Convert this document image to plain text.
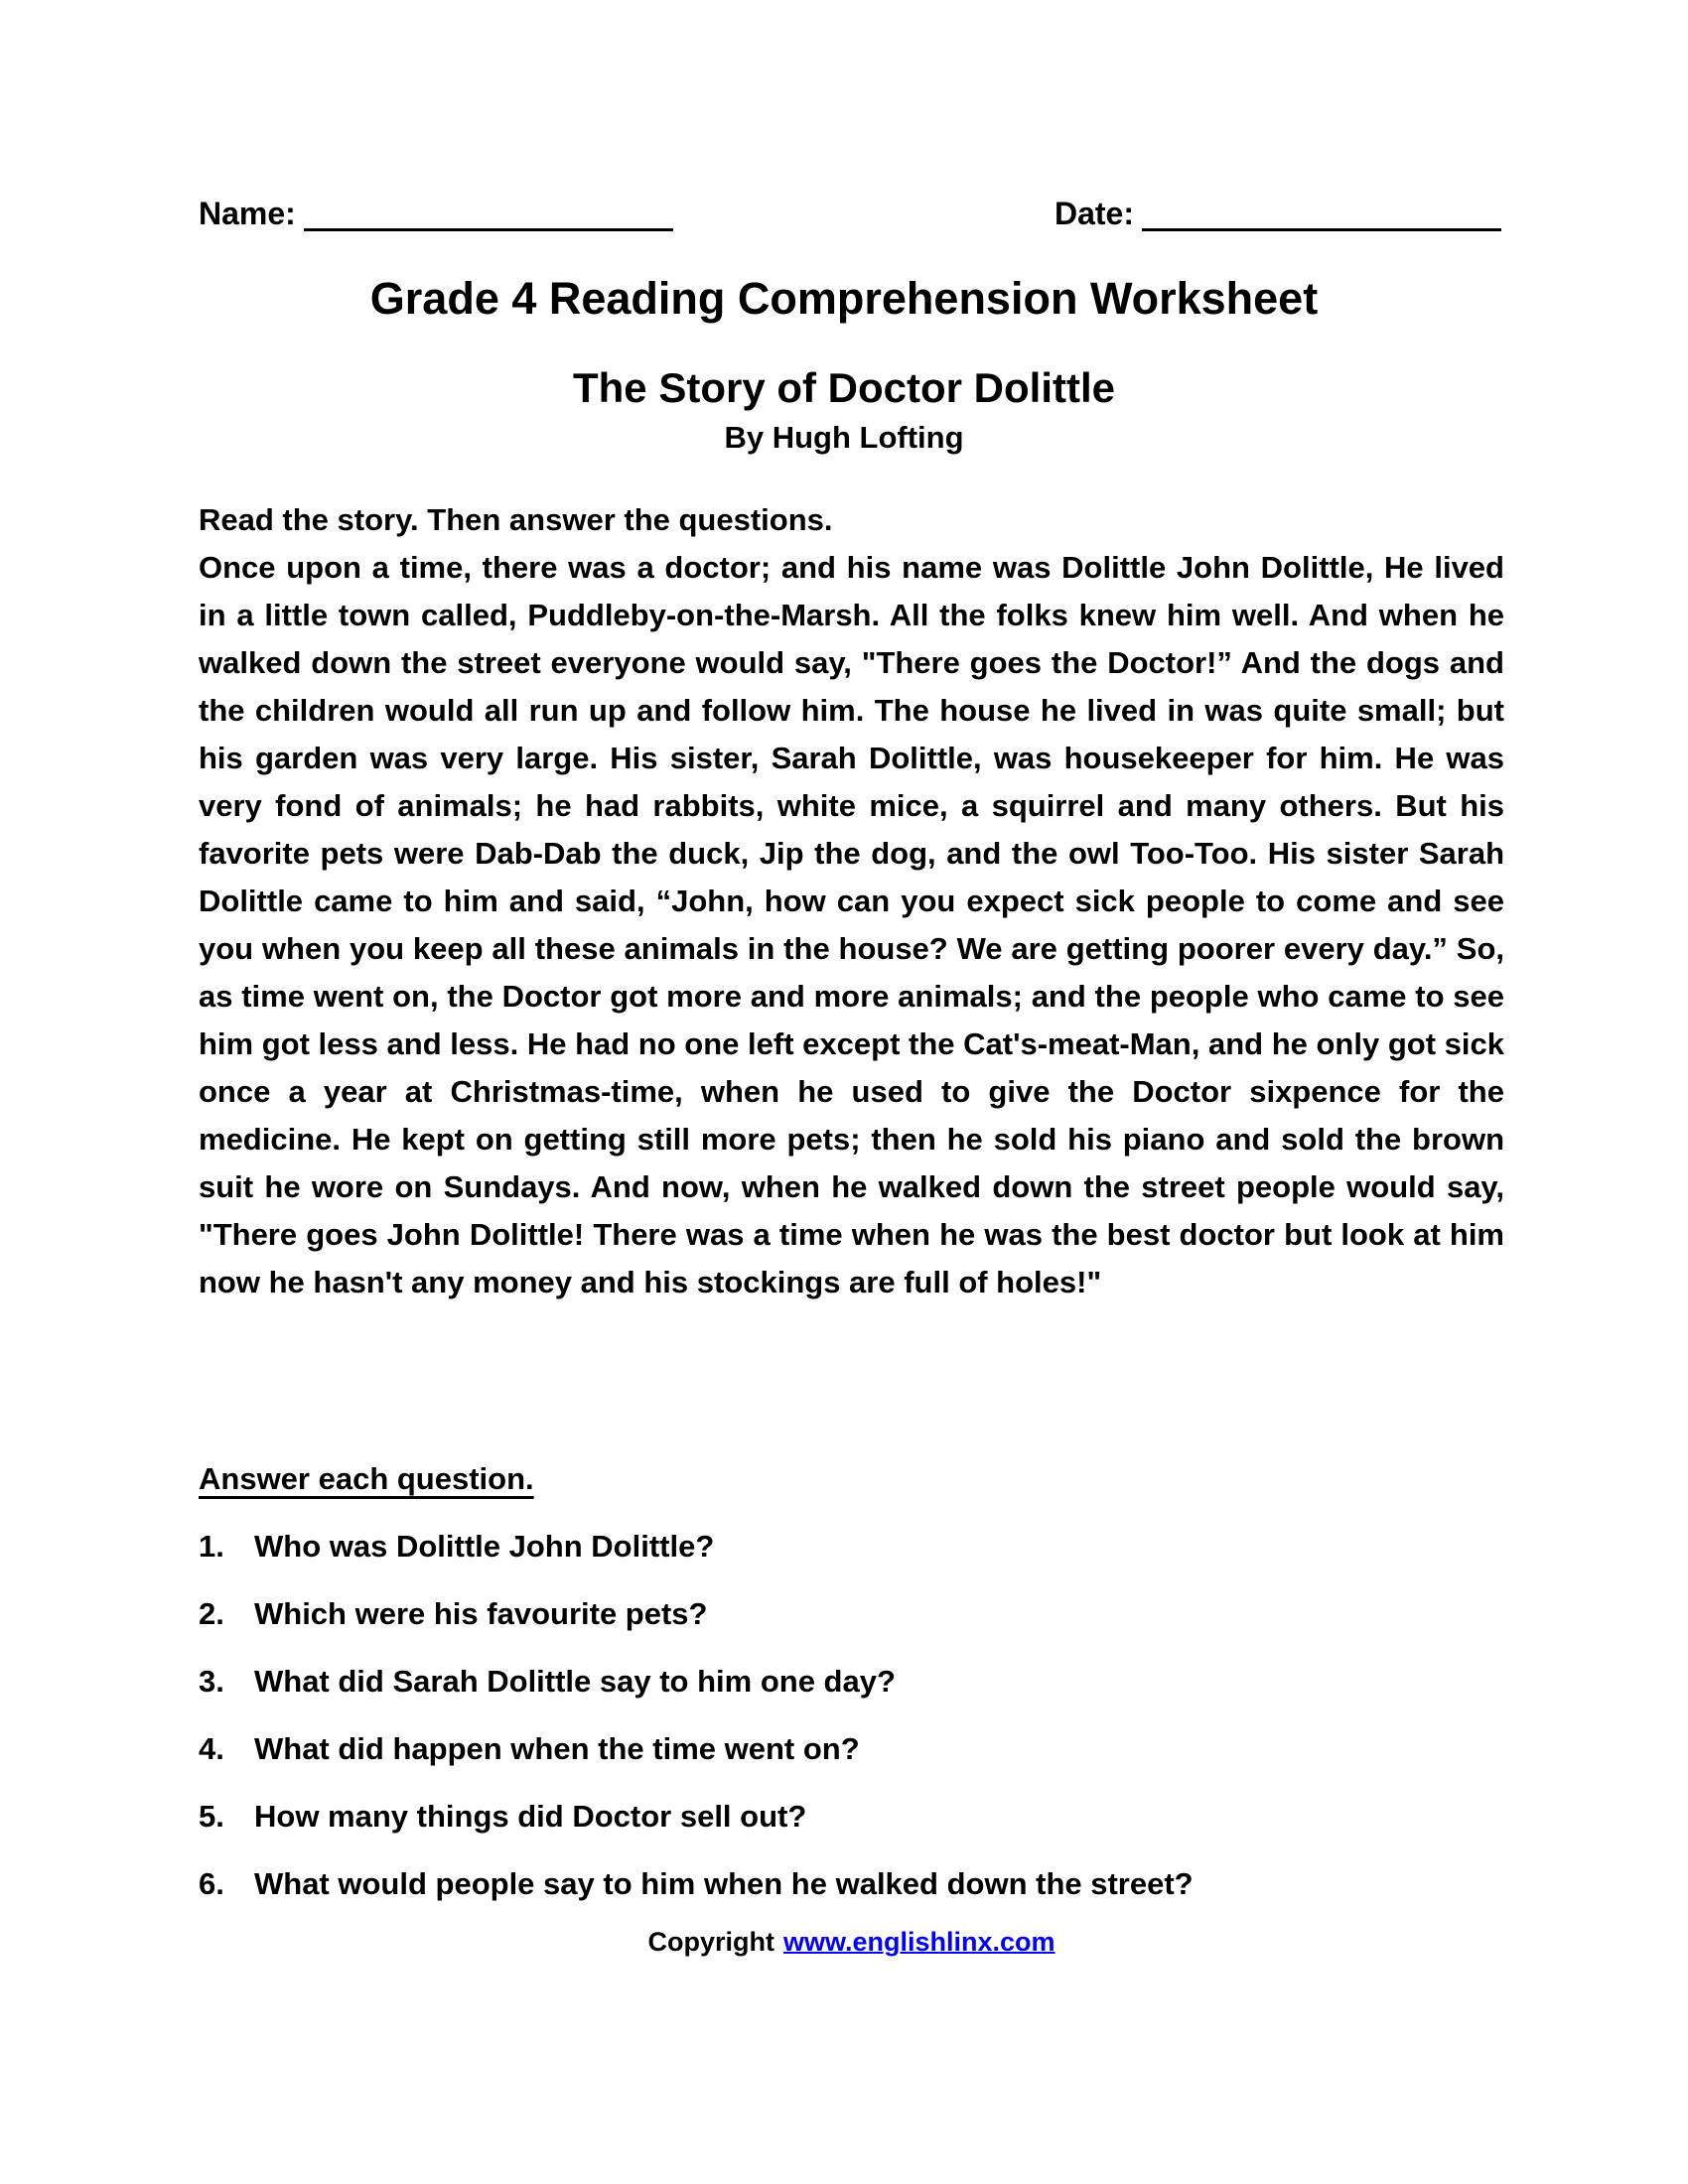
Name:	Date:
Grade 4 Reading Comprehension Worksheet
The Story of Doctor Dolittle
By Hugh Lofting
Read the story. Then answer the questions.

Once upon a time, there was a doctor; and his name was Dolittle John Dolittle, He lived in a little town called, Puddleby-on-the-Marsh. All the folks knew him well. And when he walked down the street everyone would say, "There goes the Doctor!” And the dogs and the children would all run up and follow him. The house he lived in was quite small; but his garden was very large. His sister, Sarah Dolittle, was housekeeper for him. He was very fond of animals; he had rabbits, white mice, a squirrel and many others. But his favorite pets were Dab-Dab the duck, Jip the dog, and the owl Too-Too. His sister Sarah Dolittle came to him and said, “John, how can you expect sick people to come and see you when you keep all these animals in the house? We are getting poorer every day.” So, as time went on, the Doctor got more and more animals; and the people who came to see him got less and less. He had no one left except the Cat's-meat-Man, and he only got sick once a year at Christmas-time, when he used to give the Doctor sixpence for the medicine. He kept on getting still more pets; then he sold his piano and sold the brown suit he wore on Sundays. And now, when he walked down the street people would say, "There goes John Dolittle! There was a time when he was the best doctor but look at him now he hasn't any money and his stockings are full of holes!"

Answer each question.
1. Who was Dolittle John Dolittle?
2. Which were his favourite pets?
3. What did Sarah Dolittle say to him one day?
4. What did happen when the time went on?
5. How many things did Doctor sell out?
6. What would people say to him when he walked down the street?
Copyright www.englishlinx.com
